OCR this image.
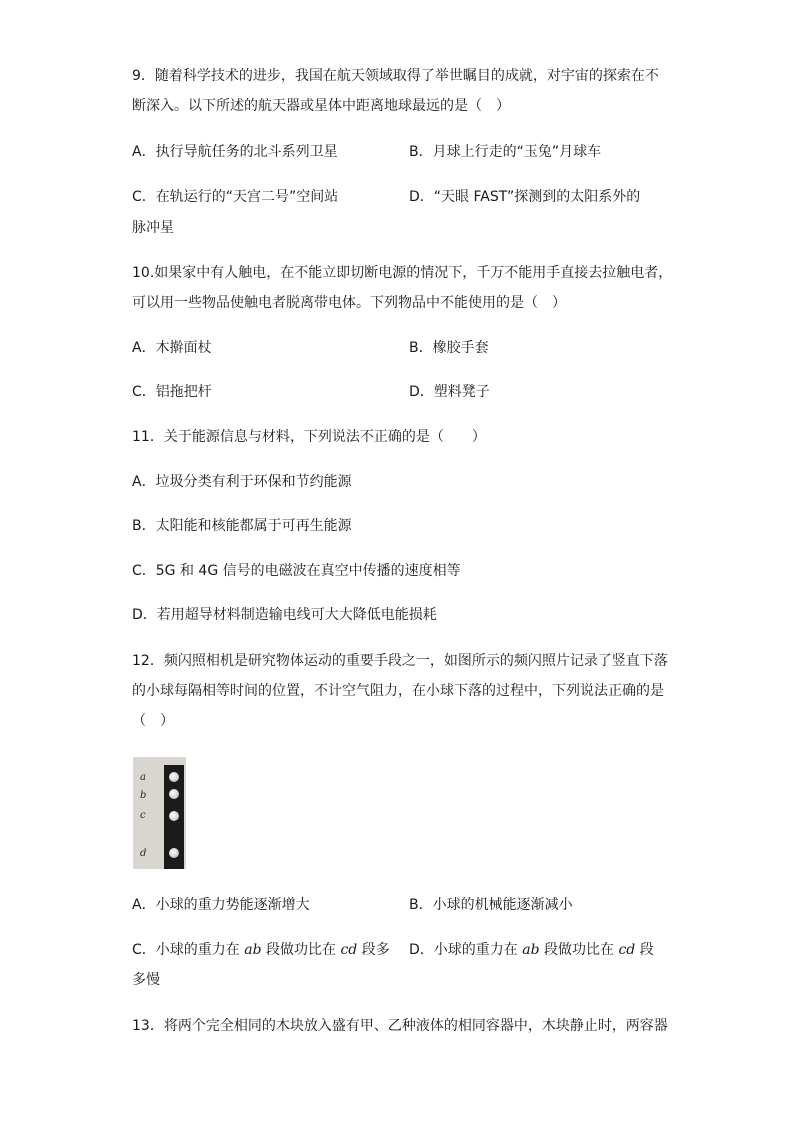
9．随着科学技术的进步，我国在航天领域取得了举世瞩目的成就，对宇宙的探索在不
断深入。以下所述的航天器或星体中距离地球最远的是（　）
A．执行导航任务的北斗系列卫星	B．月球上行走的“玉兔”月球车
C．在轨运行的“天宫二号”空间站	D．“天眼 FAST”探测到的太阳系外的
脉冲星
10.如果家中有人触电，在不能立即切断电源的情况下，千万不能用手直接去拉触电者，
可以用一些物品使触电者脱离带电体。下列物品中不能使用的是（　）
A．木擀面杖	B．橡胶手套
C．铝拖把杆	D．塑料凳子
11．关于能源信息与材料，下列说法不正确的是（　　）
A．垃圾分类有利于环保和节约能源
B．太阳能和核能都属于可再生能源
C．5G 和 4G 信号的电磁波在真空中传播的速度相等
D．若用超导材料制造输电线可大大降低电能损耗
12．频闪照相机是研究物体运动的重要手段之一，如图所示的频闪照片记录了竖直下落
的小球每隔相等时间的位置，不计空气阻力，在小球下落的过程中，下列说法正确的是
（　）
a
b
c
d
A．小球的重力势能逐渐增大	B．小球的机械能逐渐减小
C．小球的重力在 ab 段做功比在 cd 段多 D．小球的重力在 ab 段做功比在 cd 段
多慢
13．将两个完全相同的木块放入盛有甲、乙种液体的相同容器中，木块静止时，两容器
